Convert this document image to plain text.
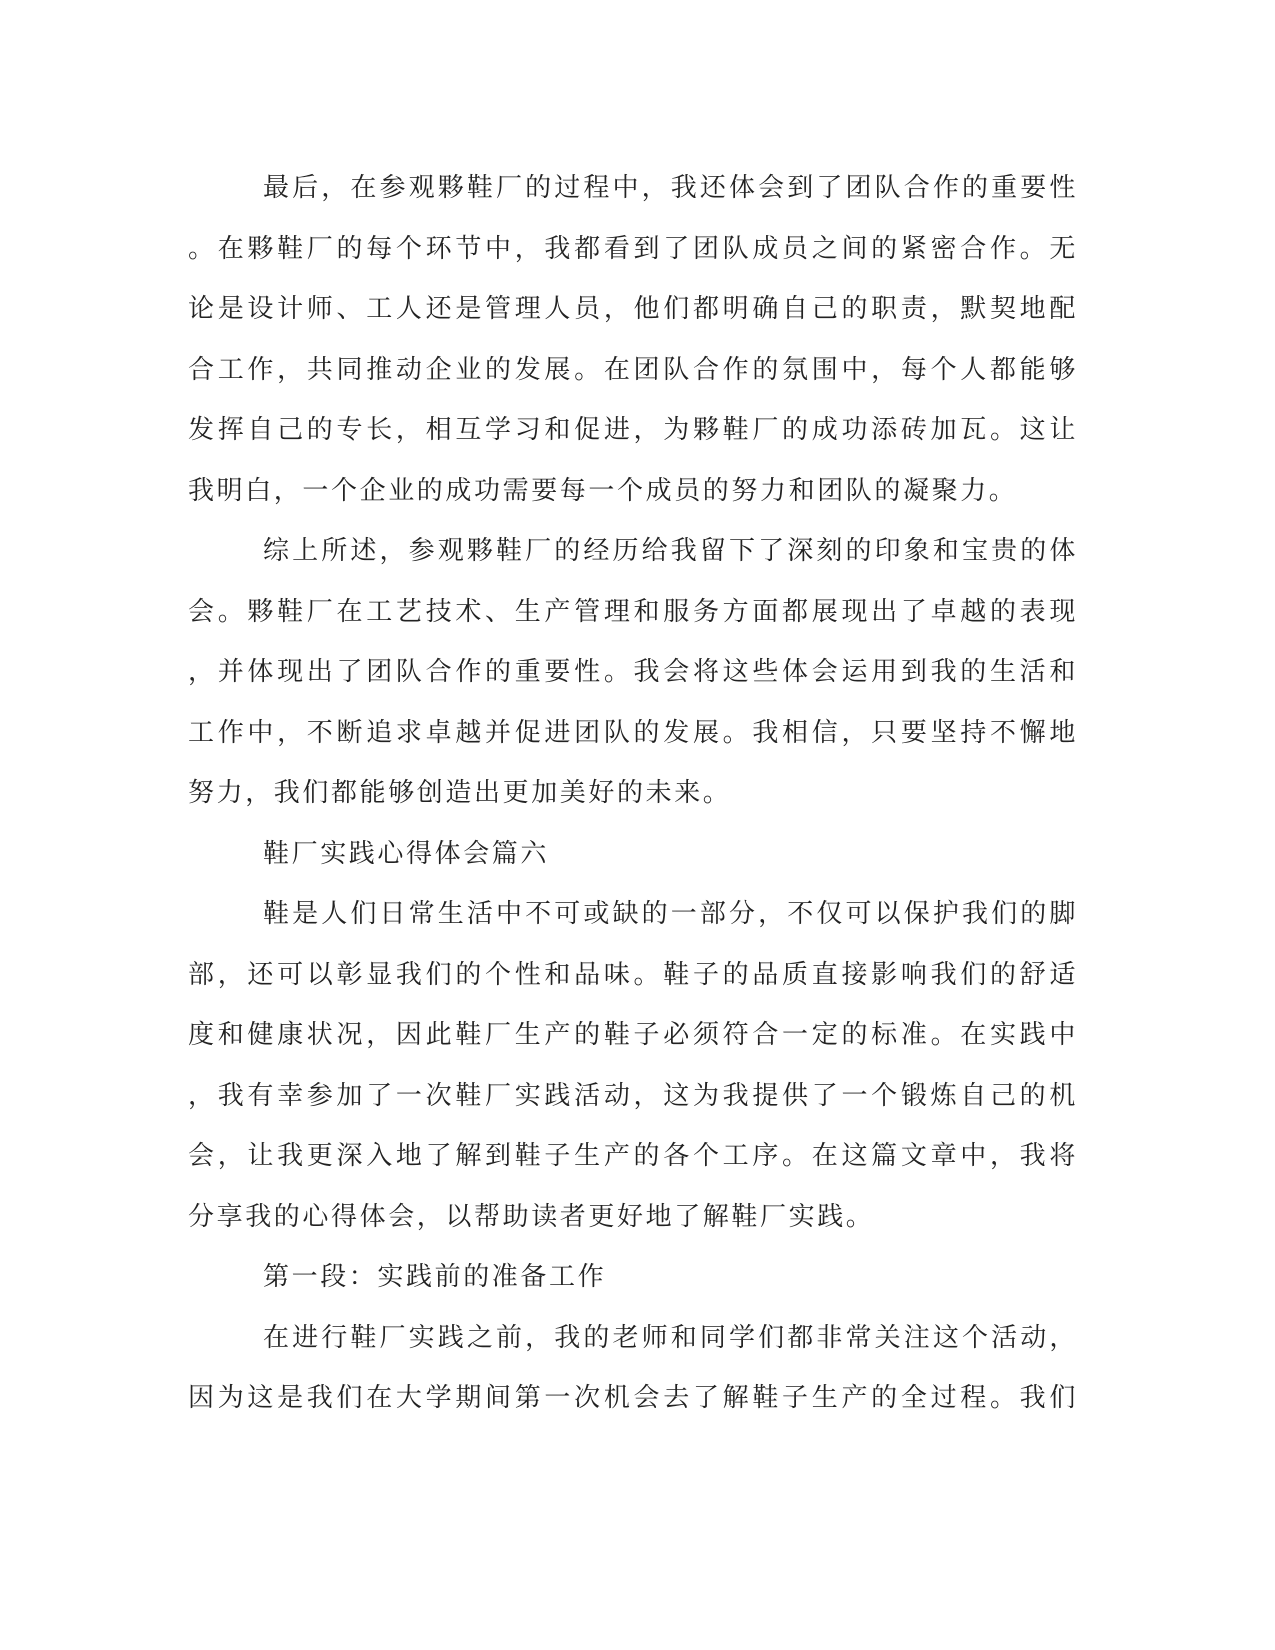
最后，在参观夥鞋厂的过程中，我还体会到了团队合作的重要性
。在夥鞋厂的每个环节中，我都看到了团队成员之间的紧密合作。无
论是设计师、工人还是管理人员，他们都明确自己的职责，默契地配
合工作，共同推动企业的发展。在团队合作的氛围中，每个人都能够
发挥自己的专长，相互学习和促进，为夥鞋厂的成功添砖加瓦。这让
我明白，一个企业的成功需要每一个成员的努力和团队的凝聚力。
综上所述，参观夥鞋厂的经历给我留下了深刻的印象和宝贵的体
会。夥鞋厂在工艺技术、生产管理和服务方面都展现出了卓越的表现
，并体现出了团队合作的重要性。我会将这些体会运用到我的生活和
工作中，不断追求卓越并促进团队的发展。我相信，只要坚持不懈地
努力，我们都能够创造出更加美好的未来。
鞋厂实践心得体会篇六
鞋是人们日常生活中不可或缺的一部分，不仅可以保护我们的脚
部，还可以彰显我们的个性和品味。鞋子的品质直接影响我们的舒适
度和健康状况，因此鞋厂生产的鞋子必须符合一定的标准。在实践中
，我有幸参加了一次鞋厂实践活动，这为我提供了一个锻炼自己的机
会，让我更深入地了解到鞋子生产的各个工序。在这篇文章中，我将
分享我的心得体会，以帮助读者更好地了解鞋厂实践。
第一段：实践前的准备工作
在进行鞋厂实践之前，我的老师和同学们都非常关注这个活动，
因为这是我们在大学期间第一次机会去了解鞋子生产的全过程。我们
